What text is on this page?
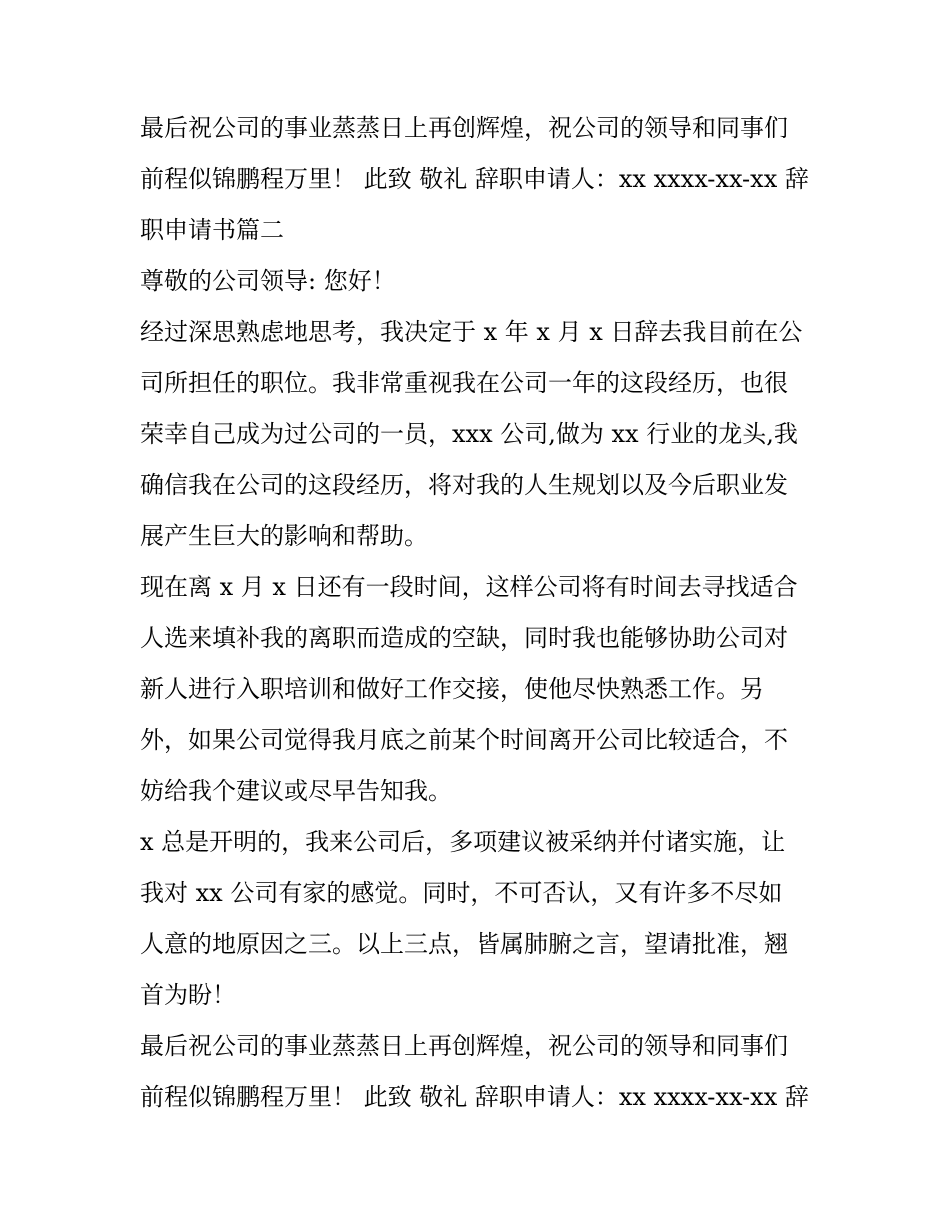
最后祝公司的事业蒸蒸日上再创辉煌，祝公司的领导和同事们
前程似锦鹏程万里！ 此致 敬礼 辞职申请人：xx xxxx-xx-xx 辞
职申请书篇二
尊敬的公司领导: 您好！
经过深思熟虑地思考，我决定于 x 年 x 月 x 日辞去我目前在公
司所担任的职位。我非常重视我在公司一年的这段经历，也很
荣幸自己成为过公司的一员，xxx 公司,做为 xx 行业的龙头,我
确信我在公司的这段经历，将对我的人生规划以及今后职业发
展产生巨大的影响和帮助。
现在离 x 月 x 日还有一段时间，这样公司将有时间去寻找适合
人选来填补我的离职而造成的空缺，同时我也能够协助公司对
新人进行入职培训和做好工作交接，使他尽快熟悉工作。另
外，如果公司觉得我月底之前某个时间离开公司比较适合，不
妨给我个建议或尽早告知我。
x 总是开明的，我来公司后，多项建议被采纳并付诸实施，让
我对 xx 公司有家的感觉。同时，不可否认，又有许多不尽如
人意的地原因之三。以上三点，皆属肺腑之言，望请批准，翘
首为盼！
最后祝公司的事业蒸蒸日上再创辉煌，祝公司的领导和同事们
前程似锦鹏程万里！ 此致 敬礼 辞职申请人：xx xxxx-xx-xx 辞
